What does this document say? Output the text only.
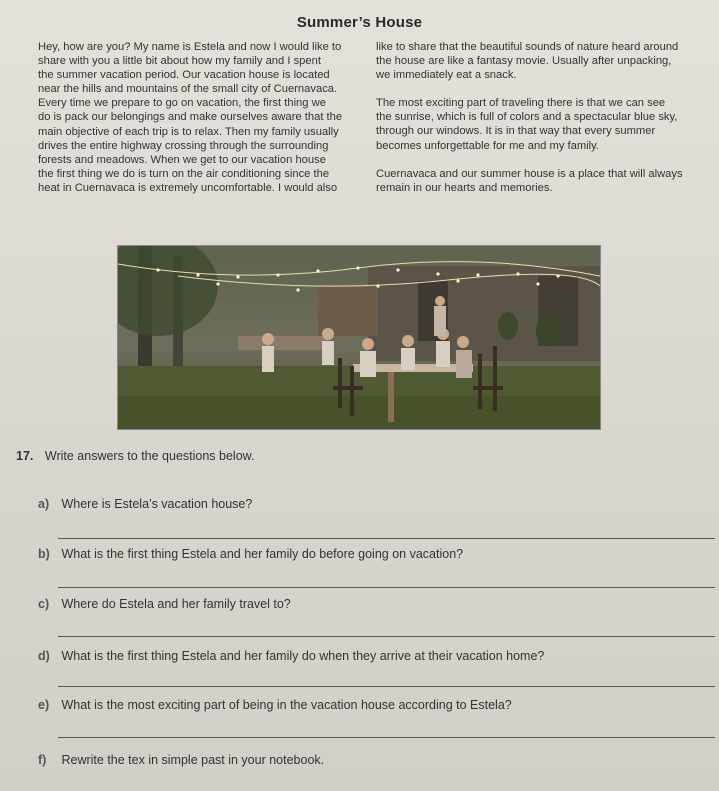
Summer’s House
Hey, how are you? My name is Estela and now I would like to
share with you a little bit about how my family and I spent
the summer vacation period. Our vacation house is located
near the hills and mountains of the small city of Cuernavaca.
Every time we prepare to go on vacation, the first thing we
do is pack our belongings and make ourselves aware that the
main objective of each trip is to relax. Then my family usually
drives the entire highway crossing through the surrounding
forests and meadows. When we get to our vacation house
the first thing we do is turn on the air conditioning since the
heat in Cuernavaca is extremely uncomfortable. I would also
like to share that the beautiful sounds of nature heard around
the house are like a fantasy movie. Usually after unpacking,
we immediately eat a snack.
The most exciting part of traveling there is that we can see
the sunrise, which is full of colors and a spectacular blue sky,
through our windows. It is in that way that every summer
becomes unforgettable for me and my family.
Cuernavaca and our summer house is a place that will always
remain in our hearts and memories.
17. Write answers to the questions below.
a) Where is Estela’s vacation house?
b) What is the first thing Estela and her family do before going on vacation?
c) Where do Estela and her family travel to?
d) What is the first thing Estela and her family do when they arrive at their vacation home?
e) What is the most exciting part of being in the vacation house according to Estela?
f) Rewrite the tex in simple past in your notebook.
